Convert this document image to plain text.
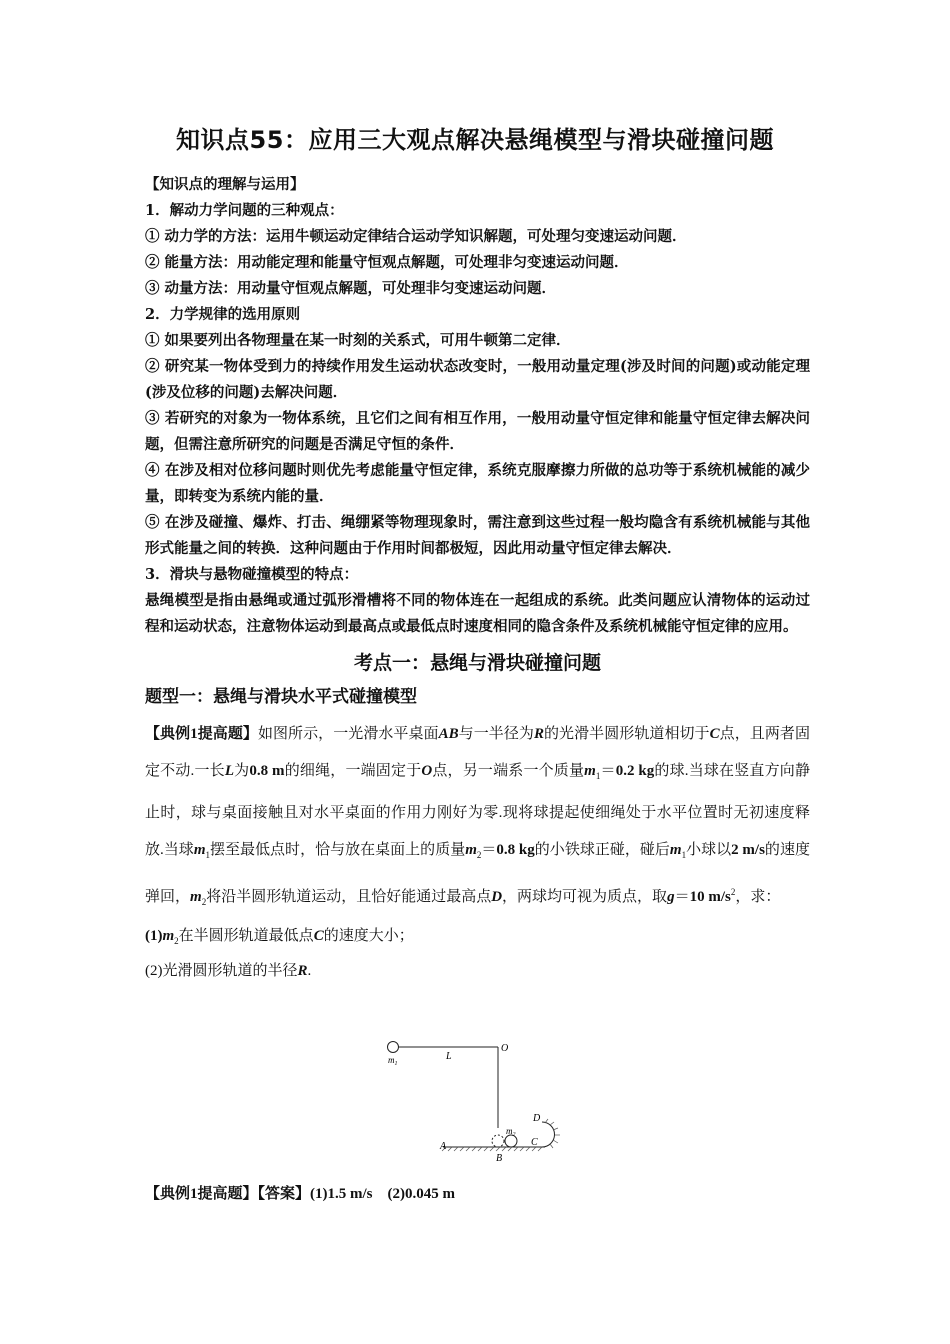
知识点55：应用三大观点解决悬绳模型与滑块碰撞问题

【知识点的理解与运用】

1．解动力学问题的三种观点：

① 动力学的方法：运用牛顿运动定律结合运动学知识解题，可处理匀变速运动问题．

② 能量方法：用动能定理和能量守恒观点解题，可处理非匀变速运动问题．

③ 动量方法：用动量守恒观点解题，可处理非匀变速运动问题．

2．力学规律的选用原则

① 如果要列出各物理量在某一时刻的关系式，可用牛顿第二定律．

② 研究某一物体受到力的持续作用发生运动状态改变时，一般用动量定理(涉及时间的问题)或动能定理(涉及位移的问题)去解决问题．

③ 若研究的对象为一物体系统，且它们之间有相互作用，一般用动量守恒定律和能量守恒定律去解决问题，但需注意所研究的问题是否满足守恒的条件．

④ 在涉及相对位移问题时则优先考虑能量守恒定律，系统克服摩擦力所做的总功等于系统机械能的减少量，即转变为系统内能的量．

⑤ 在涉及碰撞、爆炸、打击、绳绷紧等物理现象时，需注意到这些过程一般均隐含有系统机械能与其他形式能量之间的转换．这种问题由于作用时间都极短，因此用动量守恒定律去解决．

3．滑块与悬物碰撞模型的特点：

悬绳模型是指由悬绳或通过弧形滑槽将不同的物体连在一起组成的系统。此类问题应认清物体的运动过程和运动状态，注意物体运动到最高点或最低点时速度相同的隐含条件及系统机械能守恒定律的应用。

考点一：悬绳与滑块碰撞问题
题型一：悬绳与滑块水平式碰撞模型

【典例1提高题】如图所示，一光滑水平桌面AB与一半径为R的光滑半圆形轨道相切于C点，且两者固定不动.一长L为0.8 m的细绳，一端固定于O点，另一端系一个质量$m_1=0.2$ kg的球.当球在竖直方向静止时，球与桌面接触且对水平桌面的作用力刚好为零.现将球提起使细绳处于水平位置时无初速度释放.当球$m_1$摆至最低点时，恰与放在桌面上的质量$m_2=0.8$ kg的小铁球正碰，碰后$m_1$小球以2 m/s的速度弹回，$m_2$将沿半圆形轨道运动，且恰好能通过最高点D，两球均可视为质点，取g＝10 $m/s^2$，求：

$(1)m_2$在半圆形轨道最低点C的速度大小；

(2)光滑圆形轨道的半径R.

$m_1$
L
O
$m_2$
D
A
B
C
【典例1提高题】【答案】(1)1.5 m/s (2)0.045 m
